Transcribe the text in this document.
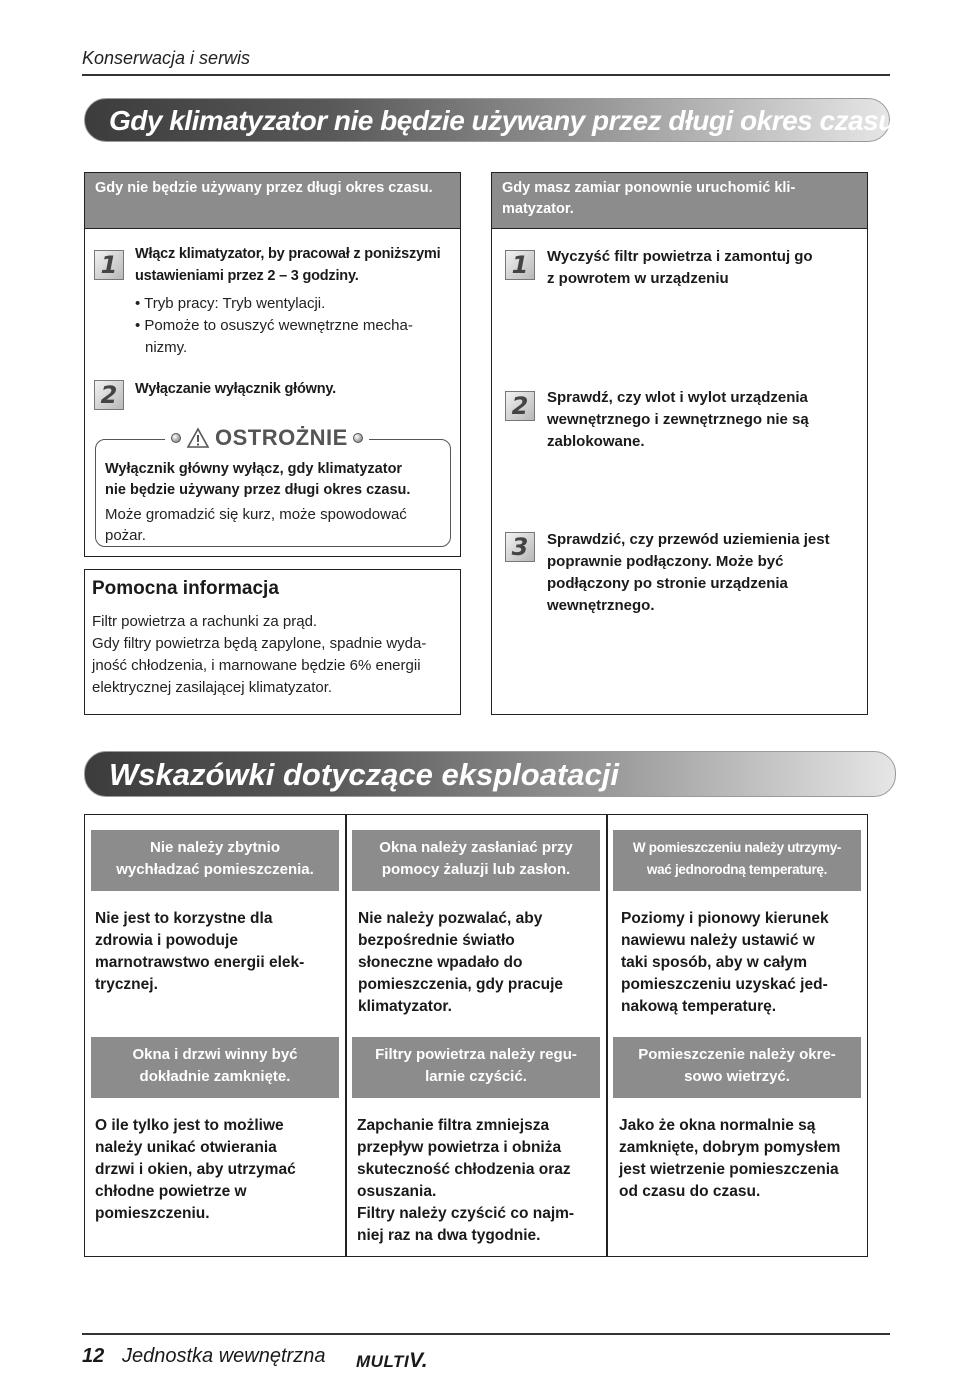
Konserwacja i serwis
Gdy klimatyzator nie będzie używany przez długi okres czasu.a
Gdy nie będzie używany przez długi okres czasu.
1	Włącz klimatyzator, by pracował z poniższymi
ustawieniami przez 2 – 3 godziny.
• Tryb pracy: Tryb wentylacji.
• Pomoże to osuszyć wewnętrzne mecha-
nizmy.
2	Wyłączanie wyłącznik główny.
OSTROŻNIE
Wyłącznik główny wyłącz, gdy klimatyzator
nie będzie używany przez długi okres czasu.
Może gromadzić się kurz, może spowodować
pożar.
Pomocna informacja
Filtr powietrza a rachunki za prąd.
Gdy filtry powietrza będą zapylone, spadnie wyda-
jność chłodzenia, i marnowane będzie 6% energii
elektrycznej zasilającej klimatyzator.
Gdy masz zamiar ponownie uruchomić kli- matyzator.
1	Wyczyść filtr powietrza i zamontuj go
z powrotem w urządzeniu
2	Sprawdź, czy wlot i wylot urządzenia
wewnętrznego i zewnętrznego nie są
zablokowane.
3	Sprawdzić, czy przewód uziemienia jest
poprawnie podłączony. Może być
podłączony po stronie urządzenia
wewnętrznego.
Wskazówki dotyczące eksploatacji
Nie należy zbytnio
wychładzać pomieszczenia.
Nie jest to korzystne dla
zdrowia i powoduje
marnotrawstwo energii elek-
trycznej.
Okna należy zasłaniać przy
pomocy żaluzji lub zasłon.
Nie należy pozwalać, aby
bezpośrednie światło
słoneczne wpadało do
pomieszczenia, gdy pracuje
klimatyzator.
W pomieszczeniu należy utrzymy-
wać jednorodną temperaturę.
Poziomy i pionowy kierunek
nawiewu należy ustawić w
taki sposób, aby w całym
pomieszczeniu uzyskać jed-
nakową temperaturę.
Okna i drzwi winny być
dokładnie zamknięte.
O ile tylko jest to możliwe
należy unikać otwierania
drzwi i okien, aby utrzymać
chłodne powietrze w
pomieszczeniu.
Filtry powietrza należy regu-
larnie czyścić.
Zapchanie filtra zmniejsza
przepływ powietrza i obniża
skuteczność chłodzenia oraz
osuszania.
Filtry należy czyścić co najm-
niej raz na dwa tygodnie.
Pomieszczenie należy okre-
sowo wietrzyć.
Jako że okna normalnie są
zamknięte, dobrym pomysłem
jest wietrzenie pomieszczenia
od czasu do czasu.
12 Jednostka wewnętrzna MULTIV.
